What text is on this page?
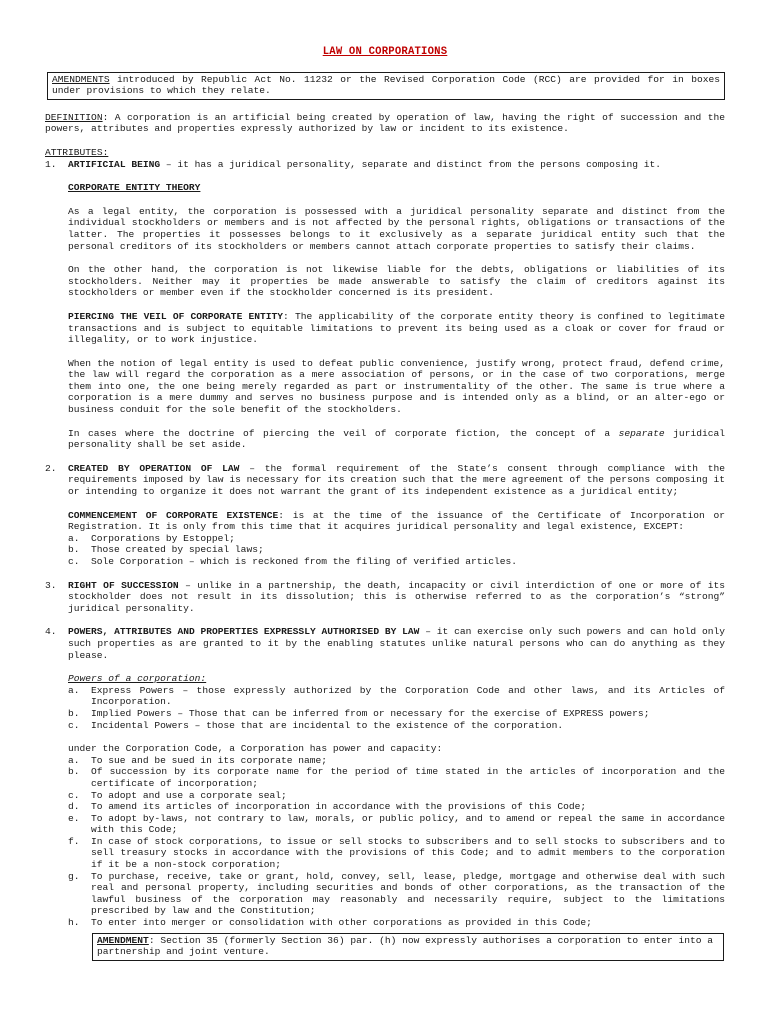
LAW ON CORPORATIONS
AMENDMENTS introduced by Republic Act No. 11232 or the Revised Corporation Code (RCC) are provided for in boxes under provisions to which they relate.

DEFINITION: A corporation is an artificial being created by operation of law, having the right of succession and the powers, attributes and properties expressly authorized by law or incident to its existence.

ATTRIBUTES:
1.	ARTIFICIAL BEING – it has a juridical personality, separate and distinct from the persons composing it.
CORPORATE ENTITY THEORY

As a legal entity, the corporation is possessed with a juridical personality separate and distinct from the individual stockholders or members and is not affected by the personal rights, obligations or transactions of the latter. The properties it possesses belongs to it exclusively as a separate juridical entity such that the personal creditors of its stockholders or members cannot attach corporate properties to satisfy their claims.

On the other hand, the corporation is not likewise liable for the debts, obligations or liabilities of its stockholders. Neither may it properties be made answerable to satisfy the claim of creditors against its stockholders or member even if the stockholder concerned is its president.

PIERCING THE VEIL OF CORPORATE ENTITY: The applicability of the corporate entity theory is confined to legitimate transactions and is subject to equitable limitations to prevent its being used as a cloak or cover for fraud or illegality, or to work injustice.

When the notion of legal entity is used to defeat public convenience, justify wrong, protect fraud, defend crime, the law will regard the corporation as a mere association of persons, or in the case of two corporations, merge them into one, the one being merely regarded as part or instrumentality of the other. The same is true where a corporation is a mere dummy and serves no business purpose and is intended only as a blind, or an alter-ego or business conduit for the sole benefit of the stockholders.

In cases where the doctrine of piercing the veil of corporate fiction, the concept of a separate juridical personality shall be set aside.

2.	CREATED BY OPERATION OF LAW – the formal requirement of the State’s consent through compliance with the requirements imposed by law is necessary for its creation such that the mere agreement of the persons composing it or intending to organize it does not warrant the grant of its independent existence as a juridical entity;

COMMENCEMENT OF CORPORATE EXISTENCE: is at the time of the issuance of the Certificate of Incorporation or Registration. It is only from this time that it acquires juridical personality and legal existence, EXCEPT:

a.	Corporations by Estoppel;
b.	Those created by special laws;
c.	Sole Corporation – which is reckoned from the filing of verified articles.
3.	RIGHT OF SUCCESSION – unlike in a partnership, the death, incapacity or civil interdiction of one or more of its stockholder does not result in its dissolution; this is otherwise referred to as the corporation’s “strong” juridical personality.
4.	POWERS, ATTRIBUTES AND PROPERTIES EXPRESSLY AUTHORISED BY LAW – it can exercise only such powers and can hold only such properties as are granted to it by the enabling statutes unlike natural persons who can do anything as they please.
Powers of a corporation:
a.	Express Powers – those expressly authorized by the Corporation Code and other laws, and its Articles of Incorporation.
b.	Implied Powers – Those that can be inferred from or necessary for the exercise of EXPRESS powers;
c.	Incidental Powers – those that are incidental to the existence of the corporation.
under the Corporation Code, a Corporation has power and capacity:
a.	To sue and be sued in its corporate name;
b.	Of succession by its corporate name for the period of time stated in the articles of incorporation and the certificate of incorporation;
c.	To adopt and use a corporate seal;
d.	To amend its articles of incorporation in accordance with the provisions of this Code;
e.	To adopt by-laws, not contrary to law, morals, or public policy, and to amend or repeal the same in accordance with this Code;
f.	In case of stock corporations, to issue or sell stocks to subscribers and to sell stocks to subscribers and to sell treasury stocks in accordance with the provisions of this Code; and to admit members to the corporation if it be a non-stock corporation;
g.	To purchase, receive, take or grant, hold, convey, sell, lease, pledge, mortgage and otherwise deal with such real and personal property, including securities and bonds of other corporations, as the transaction of the lawful business of the corporation may reasonably and necessarily require, subject to the limitations prescribed by law and the Constitution;
h.	To enter into merger or consolidation with other corporations as provided in this Code;
AMENDMENT: Section 35 (formerly Section 36) par. (h) now expressly authorises a corporation to enter into a partnership and joint venture.
